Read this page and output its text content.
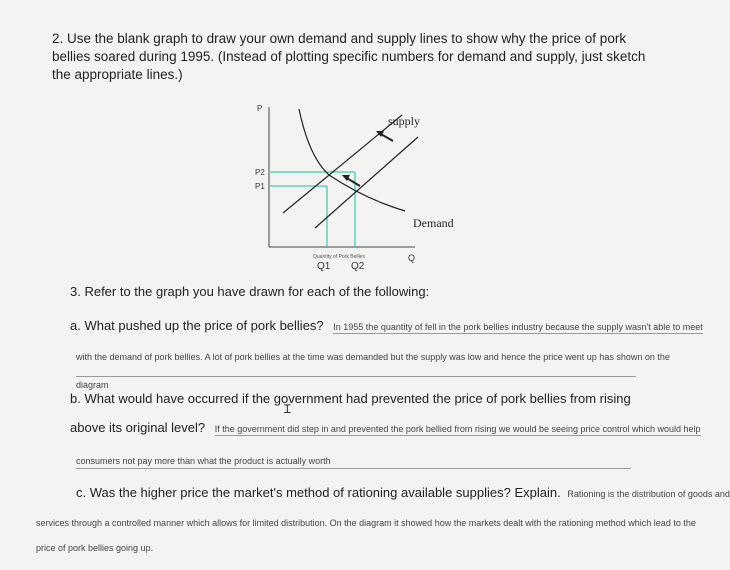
2. Use the blank graph to draw your own demand and supply lines to show why the price of pork bellies soared during 1995. (Instead of plotting specific numbers for demand and supply, just sketch the appropriate lines.)
P
P2
P1
supply
Demand
Q
Quantity of Pork Bellies
Q1 Q2
3. Refer to the graph you have drawn for each of the following:
a. What pushed up the price of pork bellies? In 1955 the quantity of fell in the pork bellies industry because the supply wasn't able to meet
with the demand of pork bellies. A lot of pork bellies at the time was demanded but the supply was low and hence the price went up has shown on the
diagram
b. What would have occurred if the government had prevented the price of pork bellies from rising
Ɪ
above its original level? If the government did step in and prevented the pork bellied from rising we would be seeing price control which would help
consumers not pay more than what the product is actually worth
c. Was the higher price the market's method of rationing available supplies? Explain. Rationing is the distribution of goods and
services through a controlled manner which allows for limited distribution. On the diagram it showed how the markets dealt with the rationing method which lead to the
price of pork bellies going up.
